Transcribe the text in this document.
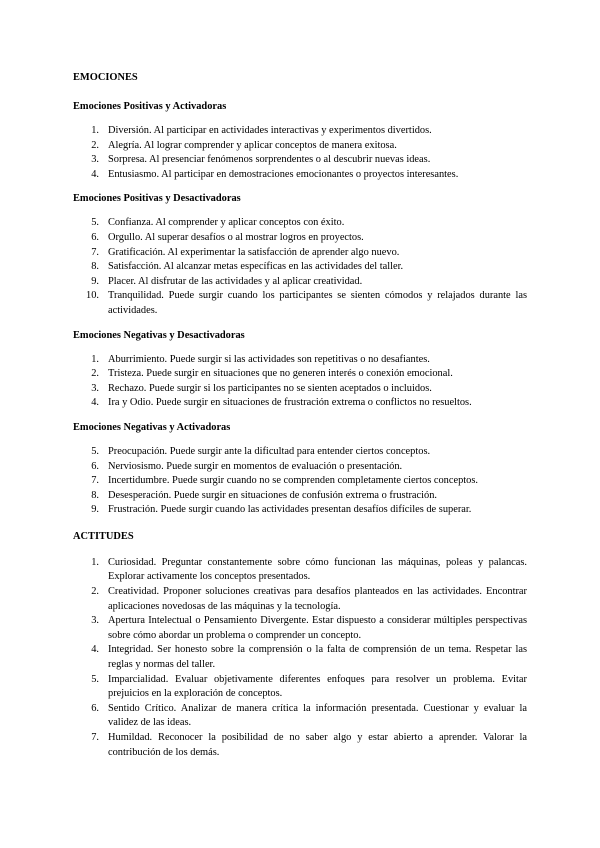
EMOCIONES
Emociones Positivas y Activadoras
1. Diversión. Al participar en actividades interactivas y experimentos divertidos.
2. Alegría. Al lograr comprender y aplicar conceptos de manera exitosa.
3. Sorpresa. Al presenciar fenómenos sorprendentes o al descubrir nuevas ideas.
4. Entusiasmo. Al participar en demostraciones emocionantes o proyectos interesantes.
Emociones Positivas y Desactivadoras
5. Confianza. Al comprender y aplicar conceptos con éxito.
6. Orgullo. Al superar desafíos o al mostrar logros en proyectos.
7. Gratificación. Al experimentar la satisfacción de aprender algo nuevo.
8. Satisfacción. Al alcanzar metas específicas en las actividades del taller.
9. Placer. Al disfrutar de las actividades y al aplicar creatividad.
10. Tranquilidad. Puede surgir cuando los participantes se sienten cómodos y relajados durante las actividades.
Emociones Negativas y Desactivadoras
1. Aburrimiento. Puede surgir si las actividades son repetitivas o no desafiantes.
2. Tristeza. Puede surgir en situaciones que no generen interés o conexión emocional.
3. Rechazo. Puede surgir si los participantes no se sienten aceptados o incluidos.
4. Ira y Odio. Puede surgir en situaciones de frustración extrema o conflictos no resueltos.
Emociones Negativas y Activadoras
5. Preocupación. Puede surgir ante la dificultad para entender ciertos conceptos.
6. Nerviosismo. Puede surgir en momentos de evaluación o presentación.
7. Incertidumbre. Puede surgir cuando no se comprenden completamente ciertos conceptos.
8. Desesperación. Puede surgir en situaciones de confusión extrema o frustración.
9. Frustración. Puede surgir cuando las actividades presentan desafíos difíciles de superar.
ACTITUDES
1. Curiosidad. Preguntar constantemente sobre cómo funcionan las máquinas, poleas y palancas. Explorar activamente los conceptos presentados.
2. Creatividad. Proponer soluciones creativas para desafíos planteados en las actividades. Encontrar aplicaciones novedosas de las máquinas y la tecnología.
3. Apertura Intelectual o Pensamiento Divergente. Estar dispuesto a considerar múltiples perspectivas sobre cómo abordar un problema o comprender un concepto.
4. Integridad. Ser honesto sobre la comprensión o la falta de comprensión de un tema. Respetar las reglas y normas del taller.
5. Imparcialidad. Evaluar objetivamente diferentes enfoques para resolver un problema. Evitar prejuicios en la exploración de conceptos.
6. Sentido Crítico. Analizar de manera crítica la información presentada. Cuestionar y evaluar la validez de las ideas.
7. Humildad. Reconocer la posibilidad de no saber algo y estar abierto a aprender. Valorar la contribución de los demás.
